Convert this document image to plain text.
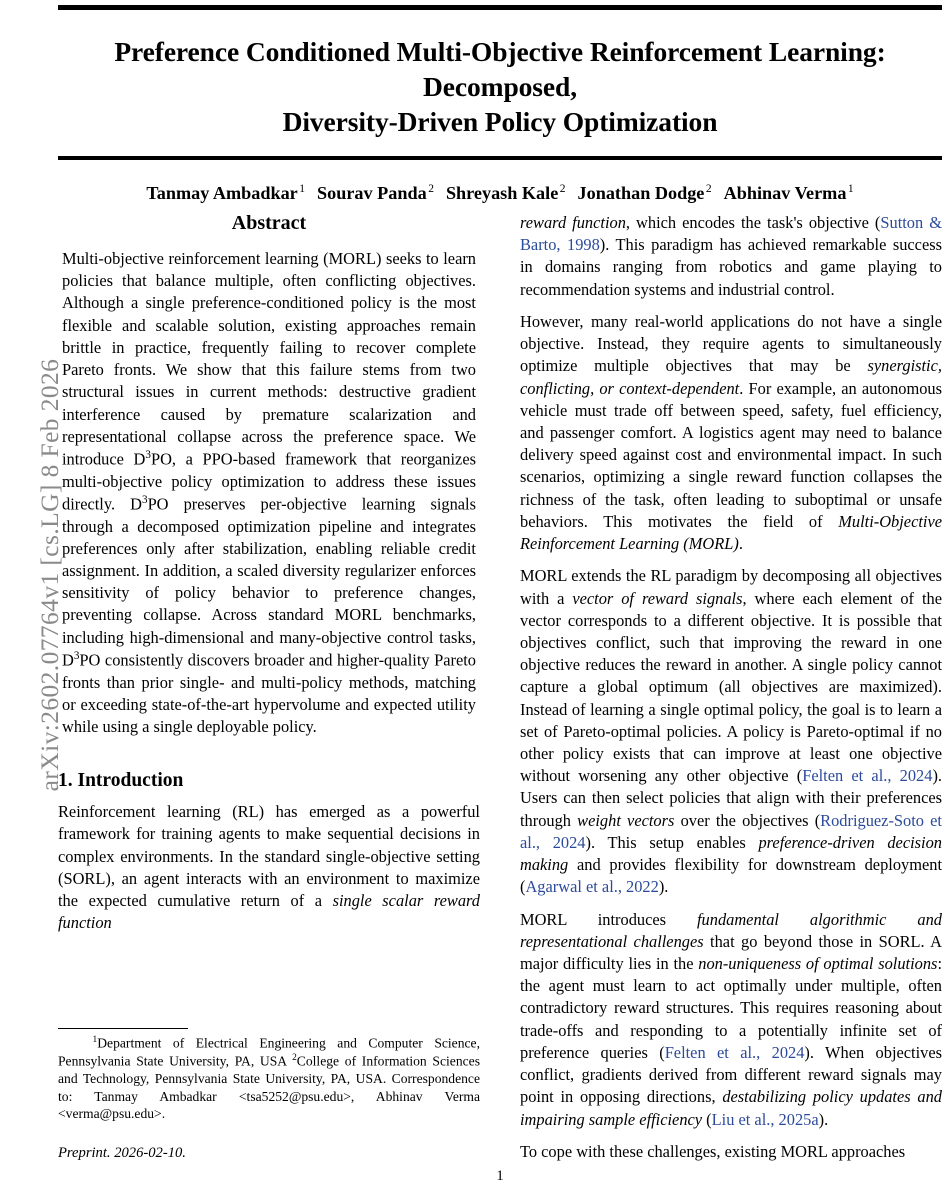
arXiv:2602.07764v1 [cs.LG] 8 Feb 2026
Preference Conditioned Multi-Objective Reinforcement Learning: Decomposed,
Diversity-Driven Policy Optimization
Tanmay Ambadkar $^1$ Sourav Panda $^2$ Shreyash Kale $^2$ Jonathan Dodge $^2$ Abhinav Verma $^1$
Abstract

Multi-objective reinforcement learning (MORL) seeks to learn policies that balance multiple, often conflicting objectives. Although a single preference-conditioned policy is the most flexible and scalable solution, existing approaches remain brittle in practice, frequently failing to recover complete Pareto fronts. We show that this failure stems from two structural issues in current methods: destructive gradient interference caused by premature scalarization and representational collapse across the preference space. We introduce $D^3PO$, a PPO-based framework that reorganizes multi-objective policy optimization to address these issues directly. $D^3PO$ preserves per-objective learning signals through a decomposed optimization pipeline and integrates preferences only after stabilization, enabling reliable credit assignment. In addition, a scaled diversity regularizer enforces sensitivity of policy behavior to preference changes, preventing collapse. Across standard MORL benchmarks, including high-dimensional and many-objective control tasks, $D^3PO$ consistently discovers broader and higher-quality Pareto fronts than prior single- and multi-policy methods, matching or exceeding state-of-the-art hypervolume and expected utility while using a single deployable policy.

1. Introduction

Reinforcement learning (RL) has emerged as a powerful framework for training agents to make sequential decisions in complex environments. In the standard single-objective setting (SORL), an agent interacts with an environment to maximize the expected cumulative return of a single scalar reward function

$^1$Department of Electrical Engineering and Computer Science, Pennsylvania State University, PA, USA $^2$College of Information Sciences and Technology, Pennsylvania State University, PA, USA. Correspondence to: Tanmay Ambadkar <tsa5252@psu.edu>, Abhinav Verma <verma@psu.edu>.

Preprint. 2026-02-10.

reward function, which encodes the task's objective (Sutton & Barto, 1998). This paradigm has achieved remarkable success in domains ranging from robotics and game playing to recommendation systems and industrial control.

However, many real-world applications do not have a single objective. Instead, they require agents to simultaneously optimize multiple objectives that may be synergistic, conflicting, or context-dependent. For example, an autonomous vehicle must trade off between speed, safety, fuel efficiency, and passenger comfort. A logistics agent may need to balance delivery speed against cost and environmental impact. In such scenarios, optimizing a single reward function collapses the richness of the task, often leading to suboptimal or unsafe behaviors. This motivates the field of Multi-Objective Reinforcement Learning (MORL).

MORL extends the RL paradigm by decomposing all objectives with a vector of reward signals, where each element of the vector corresponds to a different objective. It is possible that objectives conflict, such that improving the reward in one objective reduces the reward in another. A single policy cannot capture a global optimum (all objectives are maximized). Instead of learning a single optimal policy, the goal is to learn a set of Pareto-optimal policies. A policy is Pareto-optimal if no other policy exists that can improve at least one objective without worsening any other objective (Felten et al., 2024). Users can then select policies that align with their preferences through weight vectors over the objectives (Rodriguez-Soto et al., 2024). This setup enables preference-driven decision making and provides flexibility for downstream deployment (Agarwal et al., 2022).

MORL introduces fundamental algorithmic and representational challenges that go beyond those in SORL. A major difficulty lies in the non-uniqueness of optimal solutions: the agent must learn to act optimally under multiple, often contradictory reward structures. This requires reasoning about trade-offs and responding to a potentially infinite set of preference queries (Felten et al., 2024). When objectives conflict, gradients derived from different reward signals may point in opposing directions, destabilizing policy updates and impairing sample efficiency (Liu et al., 2025a).

To cope with these challenges, existing MORL approaches

1
